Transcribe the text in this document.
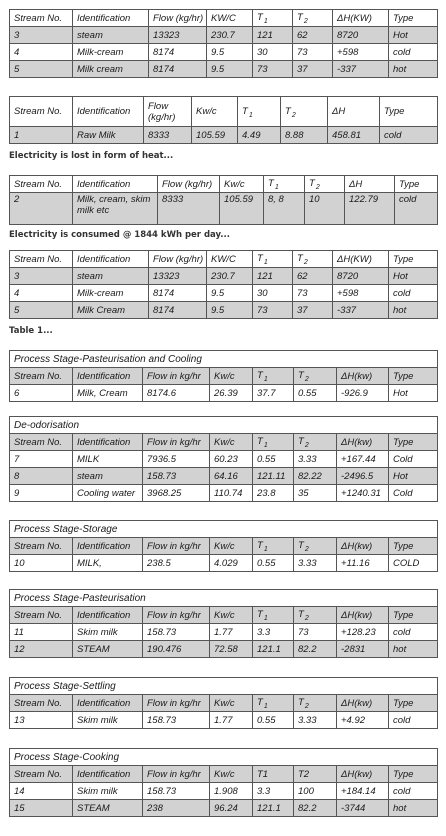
Stream No.	Identification	Flow (kg/hr)	KW/C	$T_1$	$T_2$	ΔH(KW)	Type
3	steam	13323	230.7	121	62	8720	Hot
4	Milk-cream	8174	9.5	30	73	+598	cold
5	Milk cream	8174	9.5	73	37	-337	hot
Stream No.	Identification	Flow
(kg/hr)	Kw/c	$T_1$	$T_2$	ΔH	Type
1	Raw Milk	8333	105.59	4.49	8.88	458.81	cold
Electricity is lost in form of heat...
Stream No.	Identification	Flow (kg/hr)	Kw/c	$T_1$	$T_2$	ΔH	Type
2	Milk, cream, skim
milk etc	8333	105.59	8, 8	10	122.79	cold
Electricity is consumed @ 1844 kWh per day...
Stream No.	Identification	Flow (kg/hr)	KW/C	$T_1$	$T_2$	ΔH(KW)	Type
3	steam	13323	230.7	121	62	8720	Hot
4	Milk-cream	8174	9.5	30	73	+598	cold
5	Milk Cream	8174	9.5	73	37	-337	hot
Table 1...
Process Stage-Pasteurisation and Cooling							
Stream No.	Identification	Flow in kg/hr	Kw/c	$T_1$	$T_2$	ΔH(kw)	Type
6	Milk, Cream	8174.6	26.39	37.7	0.55	-926.9	Hot
De-odorisation							
Stream No.	Identification	Flow in kg/hr	Kw/c	$T_1$	$T_2$	ΔH(kw)	Type
7	MILK	7936.5	60.23	0.55	3.33	+167.44	Cold
8	steam	158.73	64.16	121.11	82.22	-2496.5	Hot
9	Cooling water	3968.25	110.74	23.8	35	+1240.31	Cold
Process Stage-Storage							
Stream No.	Identification	Flow in kg/hr	Kw/c	$T_1$	$T_2$	ΔH(kw)	Type
10	MILK,	238.5	4.029	0.55	3.33	+11.16	COLD
Process Stage-Pasteurisation							
Stream No.	Identification	Flow in kg/hr	Kw/c	$T_1$	$T_2$	ΔH(kw)	Type
11	Skim milk	158.73	1.77	3.3	73	+128.23	cold
12	STEAM	190.476	72.58	121.1	82.2	-2831	hot
Process Stage-Settling							
Stream No.	Identification	Flow in kg/hr	Kw/c	$T_1$	$T_2$	ΔH(kw)	Type
13	Skim milk	158.73	1.77	0.55	3.33	+4.92	cold
Process Stage-Cooking							
Stream No.	Identification	Flow in kg/hr	Kw/c	T1	T2	ΔH(kw)	Type
14	Skim milk	158.73	1.908	3.3	100	+184.14	cold
15	STEAM	238	96.24	121.1	82.2	-3744	hot
